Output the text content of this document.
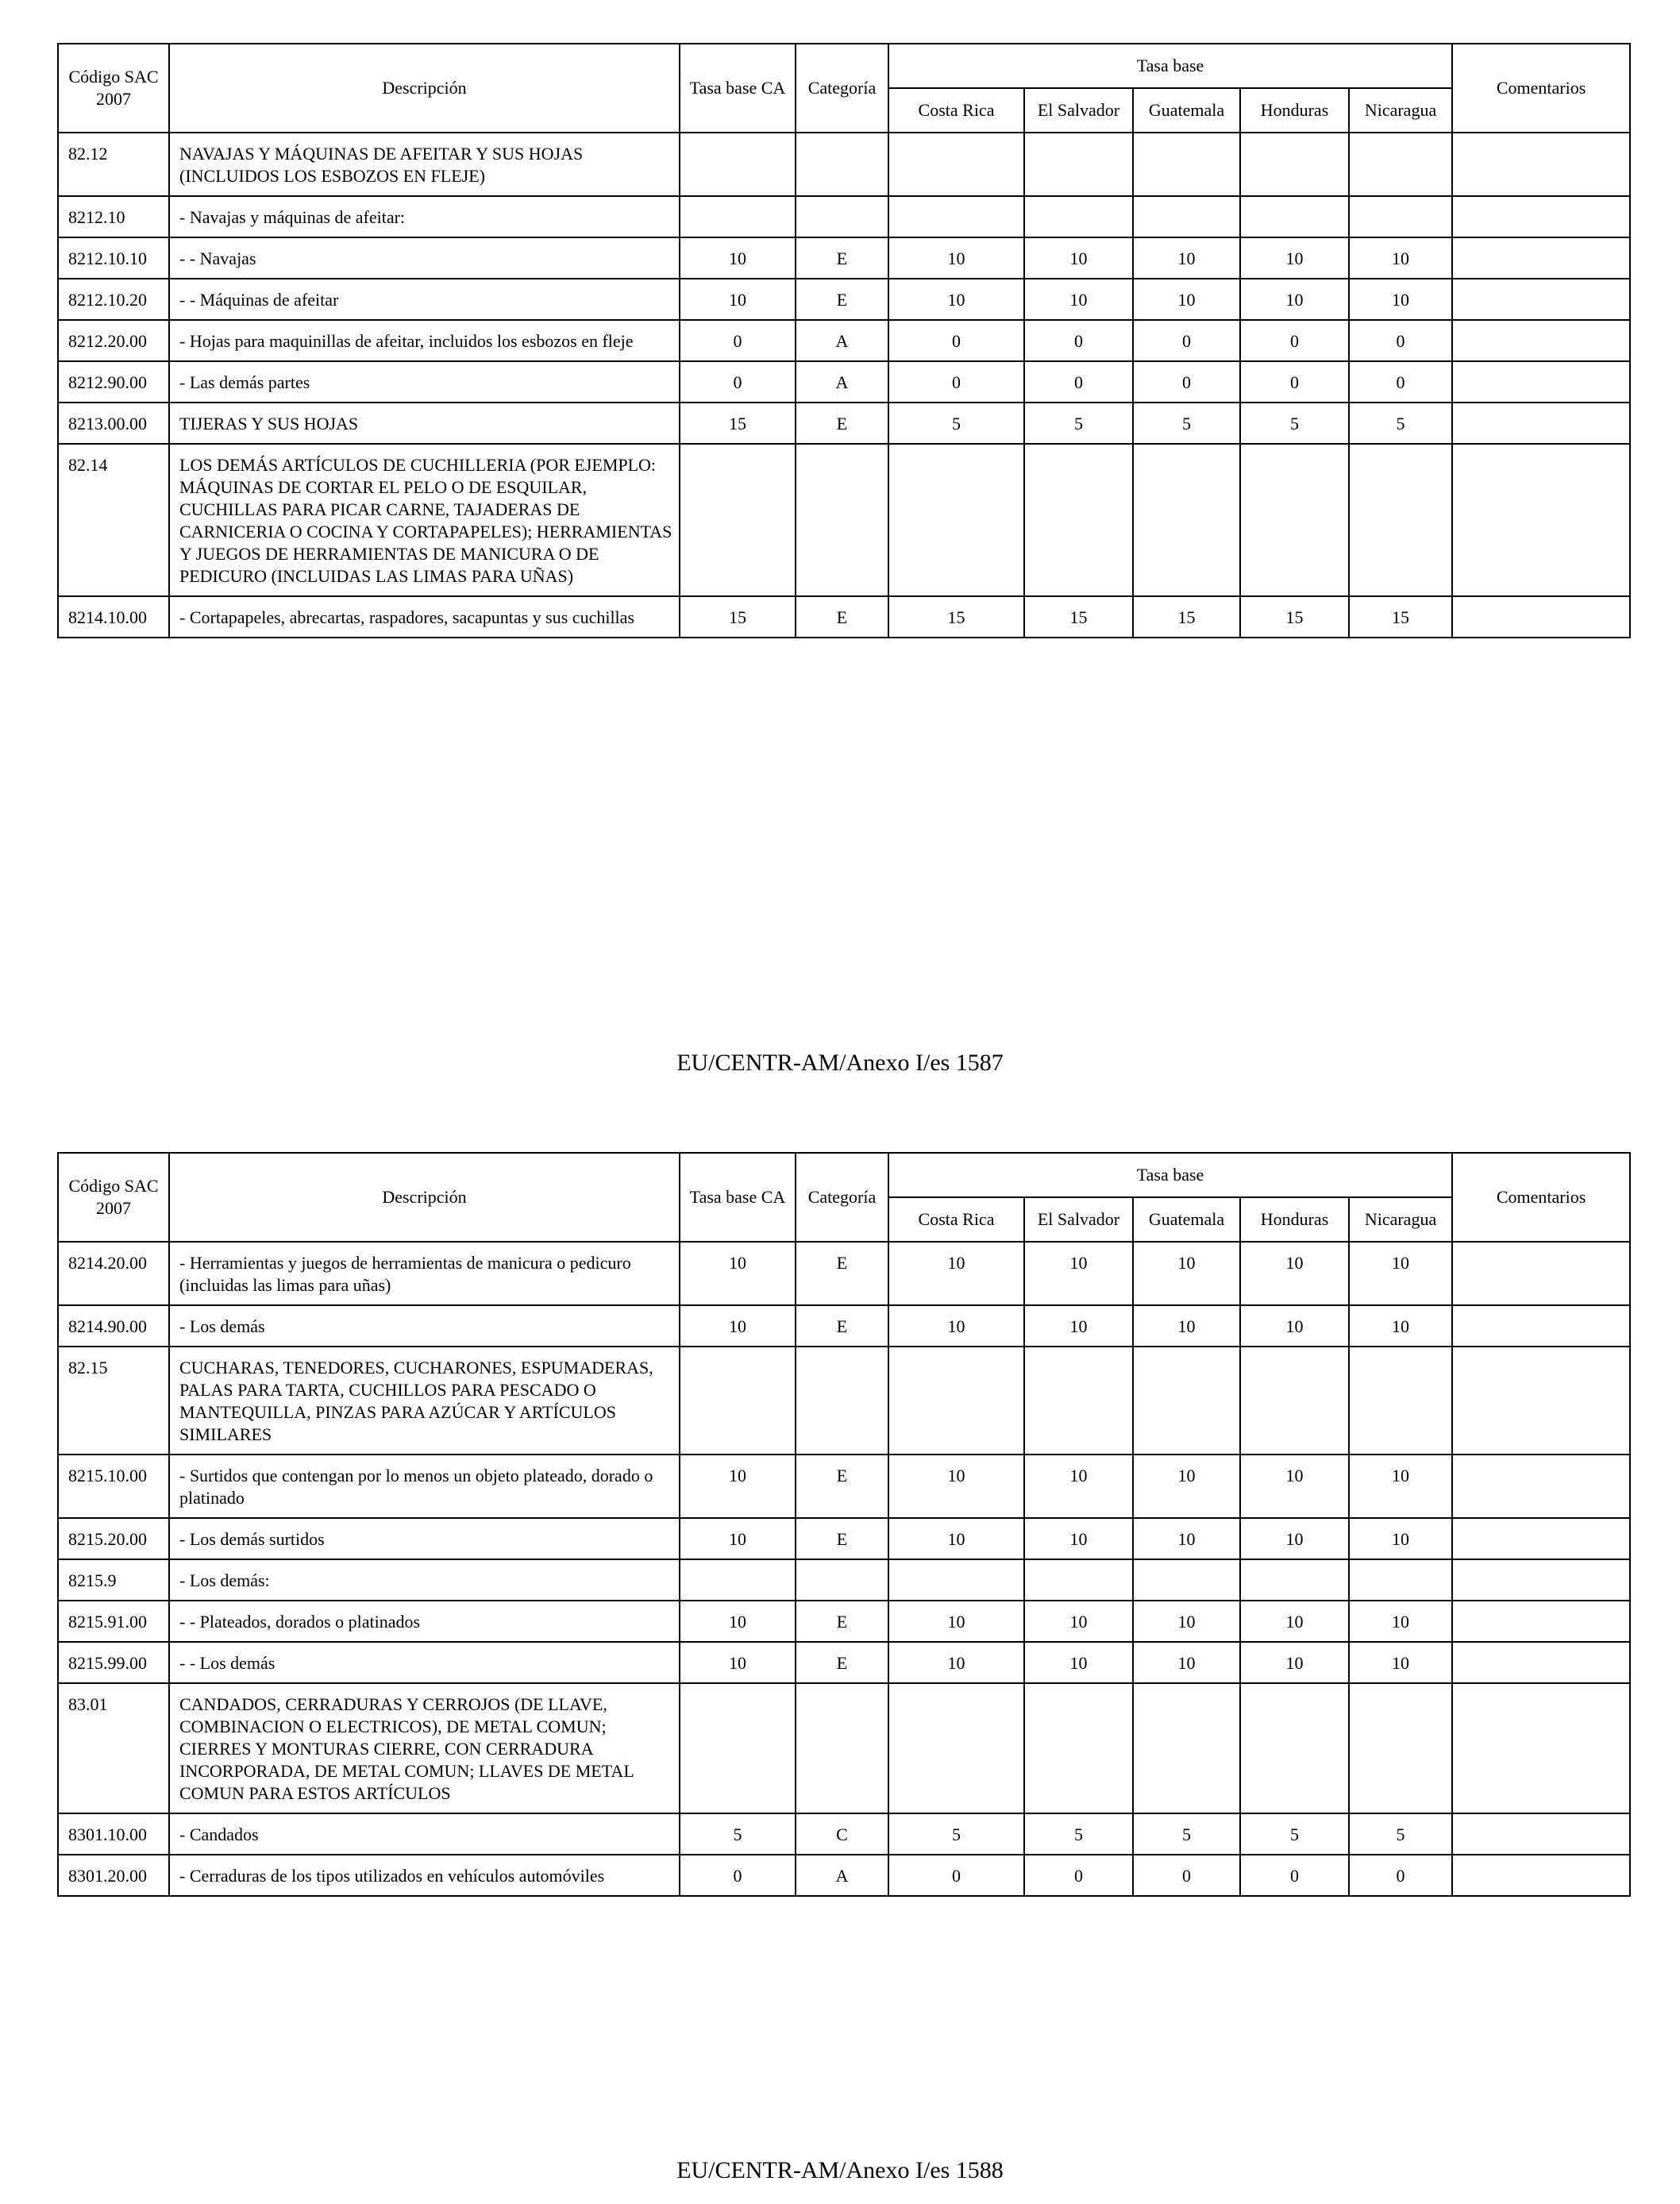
Código SAC 2007	Descripción	Tasa base CA	Categoría	Tasa base					Comentarios
				Costa Rica	El Salvador	Guatemala	Honduras	Nicaragua	
82.12	NAVAJAS Y MÁQUINAS DE AFEITAR Y SUS HOJAS (INCLUIDOS LOS ESBOZOS EN FLEJE)								
8212.10	- Navajas y máquinas de afeitar:								
8212.10.10	- - Navajas	10	E	10	10	10	10	10	
8212.10.20	- - Máquinas de afeitar	10	E	10	10	10	10	10	
8212.20.00	- Hojas para maquinillas de afeitar, incluidos los esbozos en fleje	0	A	0	0	0	0	0	
8212.90.00	- Las demás partes	0	A	0	0	0	0	0	
8213.00.00	TIJERAS Y SUS HOJAS	15	E	5	5	5	5	5	
82.14	LOS DEMÁS ARTÍCULOS DE CUCHILLERIA (POR EJEMPLO: MÁQUINAS DE CORTAR EL PELO O DE ESQUILAR, CUCHILLAS PARA PICAR CARNE, TAJADERAS DE CARNICERIA O COCINA Y CORTAPAPELES); HERRAMIENTAS Y JUEGOS DE HERRAMIENTAS DE MANICURA O DE PEDICURO (INCLUIDAS LAS LIMAS PARA UÑAS)								
8214.10.00	- Cortapapeles, abrecartas, raspadores, sacapuntas y sus cuchillas	15	E	15	15	15	15	15	
EU/CENTR-AM/Anexo I/es 1587
Código SAC 2007	Descripción	Tasa base CA	Categoría	Tasa base					Comentarios
				Costa Rica	El Salvador	Guatemala	Honduras	Nicaragua	
8214.20.00	- Herramientas y juegos de herramientas de manicura o pedicuro (incluidas las limas para uñas)	10	E	10	10	10	10	10	
8214.90.00	- Los demás	10	E	10	10	10	10	10	
82.15	CUCHARAS, TENEDORES, CUCHARONES, ESPUMADERAS, PALAS PARA TARTA, CUCHILLOS PARA PESCADO O MANTEQUILLA, PINZAS PARA AZÚCAR Y ARTÍCULOS SIMILARES								
8215.10.00	- Surtidos que contengan por lo menos un objeto plateado, dorado o platinado	10	E	10	10	10	10	10	
8215.20.00	- Los demás surtidos	10	E	10	10	10	10	10	
8215.9	- Los demás:								
8215.91.00	- - Plateados, dorados o platinados	10	E	10	10	10	10	10	
8215.99.00	- - Los demás	10	E	10	10	10	10	10	
83.01	CANDADOS, CERRADURAS Y CERROJOS (DE LLAVE, COMBINACION O ELECTRICOS), DE METAL COMUN; CIERRES Y MONTURAS CIERRE, CON CERRADURA INCORPORADA, DE METAL COMUN; LLAVES DE METAL COMUN PARA ESTOS ARTÍCULOS								
8301.10.00	- Candados	5	C	5	5	5	5	5	
8301.20.00	- Cerraduras de los tipos utilizados en vehículos automóviles	0	A	0	0	0	0	0	
EU/CENTR-AM/Anexo I/es 1588
